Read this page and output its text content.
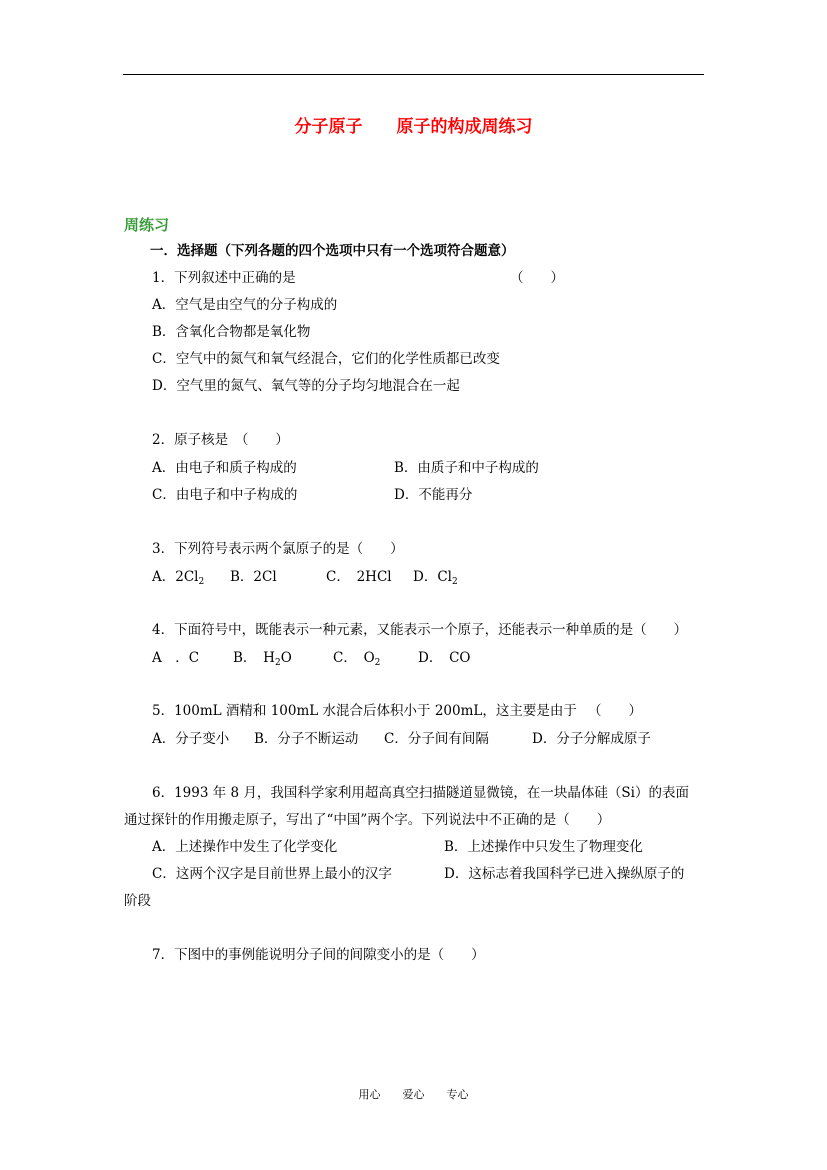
分子原子　　原子的构成周练习
周练习
一．选择题（下列各题的四个选项中只有一个选项符合题意）
1．下列叙述中正确的是	（　　）
A．空气是由空气的分子构成的
B．含氧化合物都是氧化物
C．空气中的氮气和氧气经混合，它们的化学性质都已改变
D．空气里的氮气、氧气等的分子均匀地混合在一起
2．原子核是　（　　）
A．由电子和质子构成的	B．由质子和中子构成的
C．由电子和中子构成的	D．不能再分
3．下列符号表示两个氯原子的是（　　）
A．$2Cl_2$ B．2Cl	C．　2HCl D．$Cl_2$
4．下面符号中，既能表示一种元素，又能表示一个原子，还能表示一种单质的是（　　）
A　．C	B．　$H_2O$	C．　$O_2$	D．　CO
5．100mL 酒精和 100mL 水混合后体积小于 200mL，这主要是由于 （　　）
A．分子变小 B．分子不断运动 C．分子间有间隔	D．分子分解成原子
6．1993 年 8 月，我国科学家利用超高真空扫描隧道显微镜，在一块晶体硅（Si）的表面
通过探针的作用搬走原子，写出了“中国”两个字。下列说法中不正确的是（　　）
A．上述操作中发生了化学变化	B．上述操作中只发生了物理变化
C．这两个汉字是目前世界上最小的汉字	D．这标志着我国科学已进入操纵原子的
阶段
7．下图中的事例能说明分子间的间隙变小的是（　　）
用心　　爱心　　专心
